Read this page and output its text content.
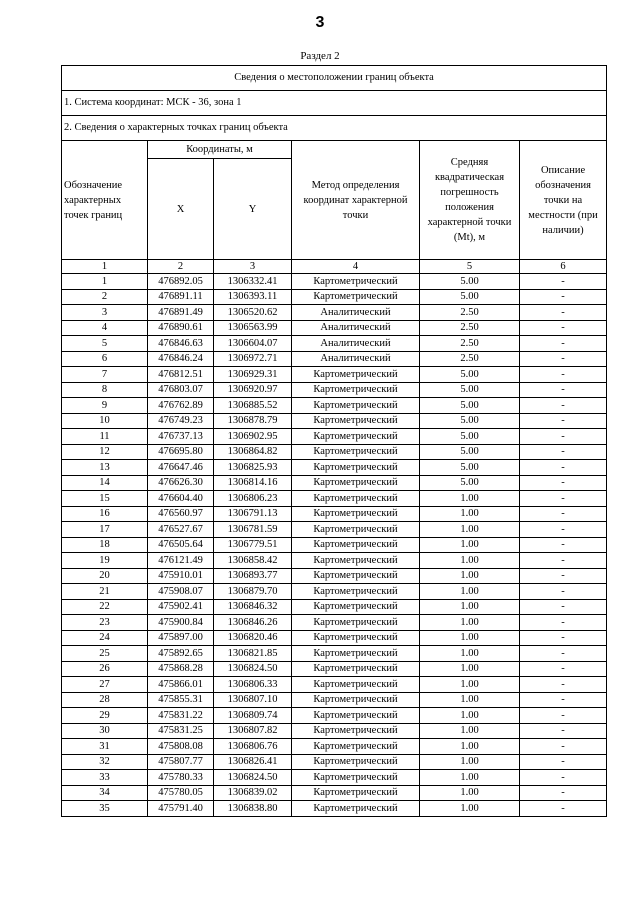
3
Раздел 2
Сведения о местоположении границ объекта					
1. Система координат: МСК - 36, зона 1					
2. Сведения о характерных точках границ объекта					
Обозначение характерных точек границ	Координаты, м		Метод определения координат характерной точки	Средняя квадратическая погрешность положения характерной точки (Mt), м	Описание обозначения точки на местности (при наличии)
	X	Y			
1	2	3	4	5	6
1	476892.05	1306332.41	Картометрический	5.00	-
2	476891.11	1306393.11	Картометрический	5.00	-
3	476891.49	1306520.62	Аналитический	2.50	-
4	476890.61	1306563.99	Аналитический	2.50	-
5	476846.63	1306604.07	Аналитический	2.50	-
6	476846.24	1306972.71	Аналитический	2.50	-
7	476812.51	1306929.31	Картометрический	5.00	-
8	476803.07	1306920.97	Картометрический	5.00	-
9	476762.89	1306885.52	Картометрический	5.00	-
10	476749.23	1306878.79	Картометрический	5.00	-
11	476737.13	1306902.95	Картометрический	5.00	-
12	476695.80	1306864.82	Картометрический	5.00	-
13	476647.46	1306825.93	Картометрический	5.00	-
14	476626.30	1306814.16	Картометрический	5.00	-
15	476604.40	1306806.23	Картометрический	1.00	-
16	476560.97	1306791.13	Картометрический	1.00	-
17	476527.67	1306781.59	Картометрический	1.00	-
18	476505.64	1306779.51	Картометрический	1.00	-
19	476121.49	1306858.42	Картометрический	1.00	-
20	475910.01	1306893.77	Картометрический	1.00	-
21	475908.07	1306879.70	Картометрический	1.00	-
22	475902.41	1306846.32	Картометрический	1.00	-
23	475900.84	1306846.26	Картометрический	1.00	-
24	475897.00	1306820.46	Картометрический	1.00	-
25	475892.65	1306821.85	Картометрический	1.00	-
26	475868.28	1306824.50	Картометрический	1.00	-
27	475866.01	1306806.33	Картометрический	1.00	-
28	475855.31	1306807.10	Картометрический	1.00	-
29	475831.22	1306809.74	Картометрический	1.00	-
30	475831.25	1306807.82	Картометрический	1.00	-
31	475808.08	1306806.76	Картометрический	1.00	-
32	475807.77	1306826.41	Картометрический	1.00	-
33	475780.33	1306824.50	Картометрический	1.00	-
34	475780.05	1306839.02	Картометрический	1.00	-
35	475791.40	1306838.80	Картометрический	1.00	-
